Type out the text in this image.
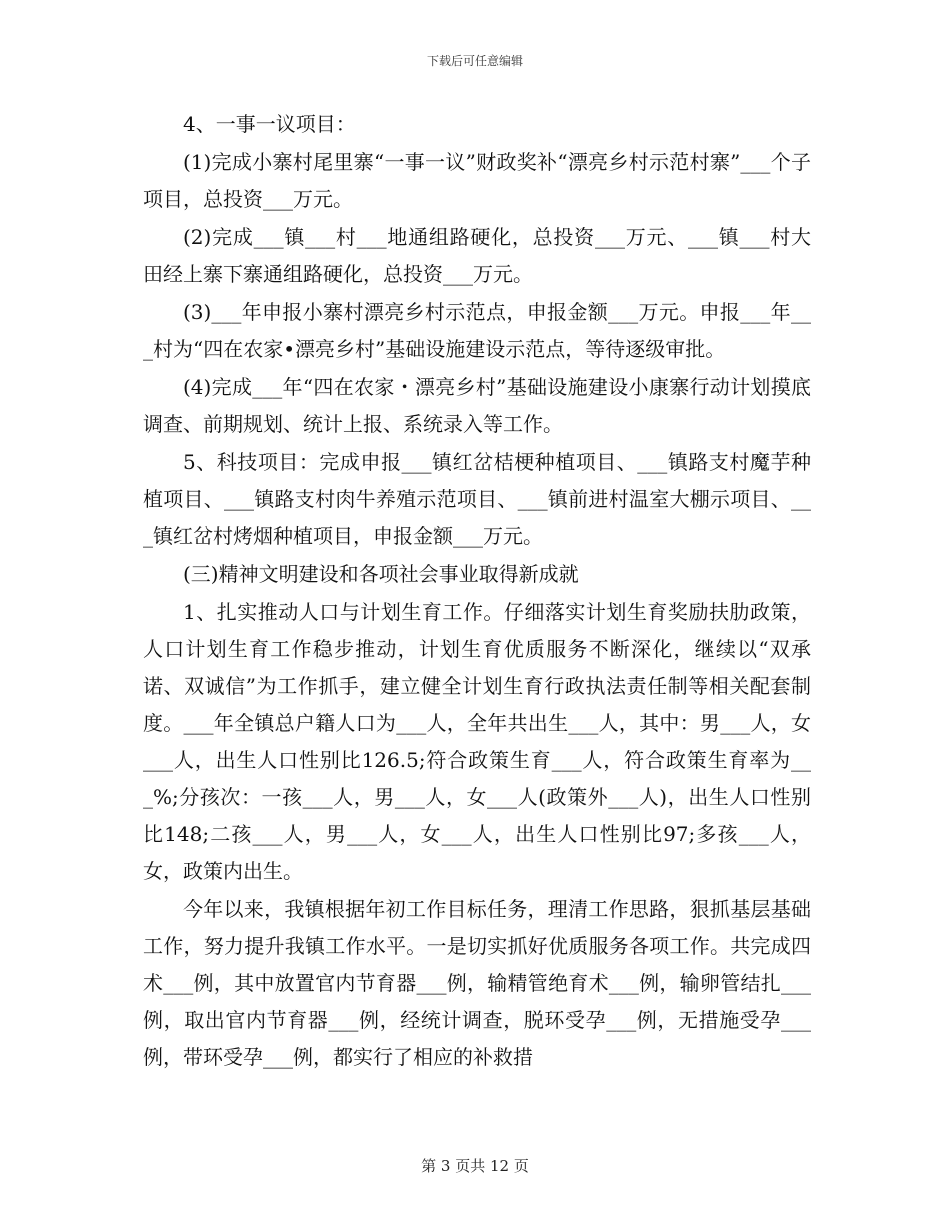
下载后可任意编辑

4、一事一议项目：

(1)完成小寨村尾里寨“一事一议”财政奖补“漂亮乡村示范村寨”___个子项目，总投资___万元。

(2)完成___镇___村___地通组路硬化，总投资___万元、___镇___村大田经上寨下寨通组路硬化，总投资___万元。

(3)___年申报小寨村漂亮乡村示范点，申报金额___万元。申报___年___村为“四在农家•漂亮乡村”基础设施建设示范点，等待逐级审批。

(4)完成___年“四在农家・漂亮乡村”基础设施建设小康寨行动计划摸底调查、前期规划、统计上报、系统录入等工作。

5、科技项目：完成申报___镇红岔桔梗种植项目、___镇路支村魔芋种植项目、___镇路支村肉牛养殖示范项目、___镇前进村温室大棚示项目、___镇红岔村烤烟种植项目，申报金额___万元。

(三)精神文明建设和各项社会事业取得新成就

1、扎实推动人口与计划生育工作。仔细落实计划生育奖励扶肋政策，人口计划生育工作稳步推动，计划生育优质服务不断深化，继续以“双承诺、双诚信”为工作抓手，建立健全计划生育行政执法责任制等相关配套制度。___年全镇总户籍人口为___人，全年共出生___人，其中：男___人，女___人，出生人口性别比126.5;符合政策生育___人，符合政策生育率为___%;分孩次：一孩___人，男___人，女___人(政策外___人)，出生人口性别比148;二孩___人，男___人，女___人，出生人口性别比97;多孩___人，女，政策内出生。

今年以来，我镇根据年初工作目标任务，理清工作思路，狠抓基层基础工作，努力提升我镇工作水平。一是切实抓好优质服务各项工作。共完成四术___例，其中放置官内节育器___例，输精管绝育术___例，输卵管结扎___例，取出官内节育器___例，经统计调查，脱环受孕___例，无措施受孕___例，带环受孕___例，都实行了相应的补救措

第 3 页共 12 页
